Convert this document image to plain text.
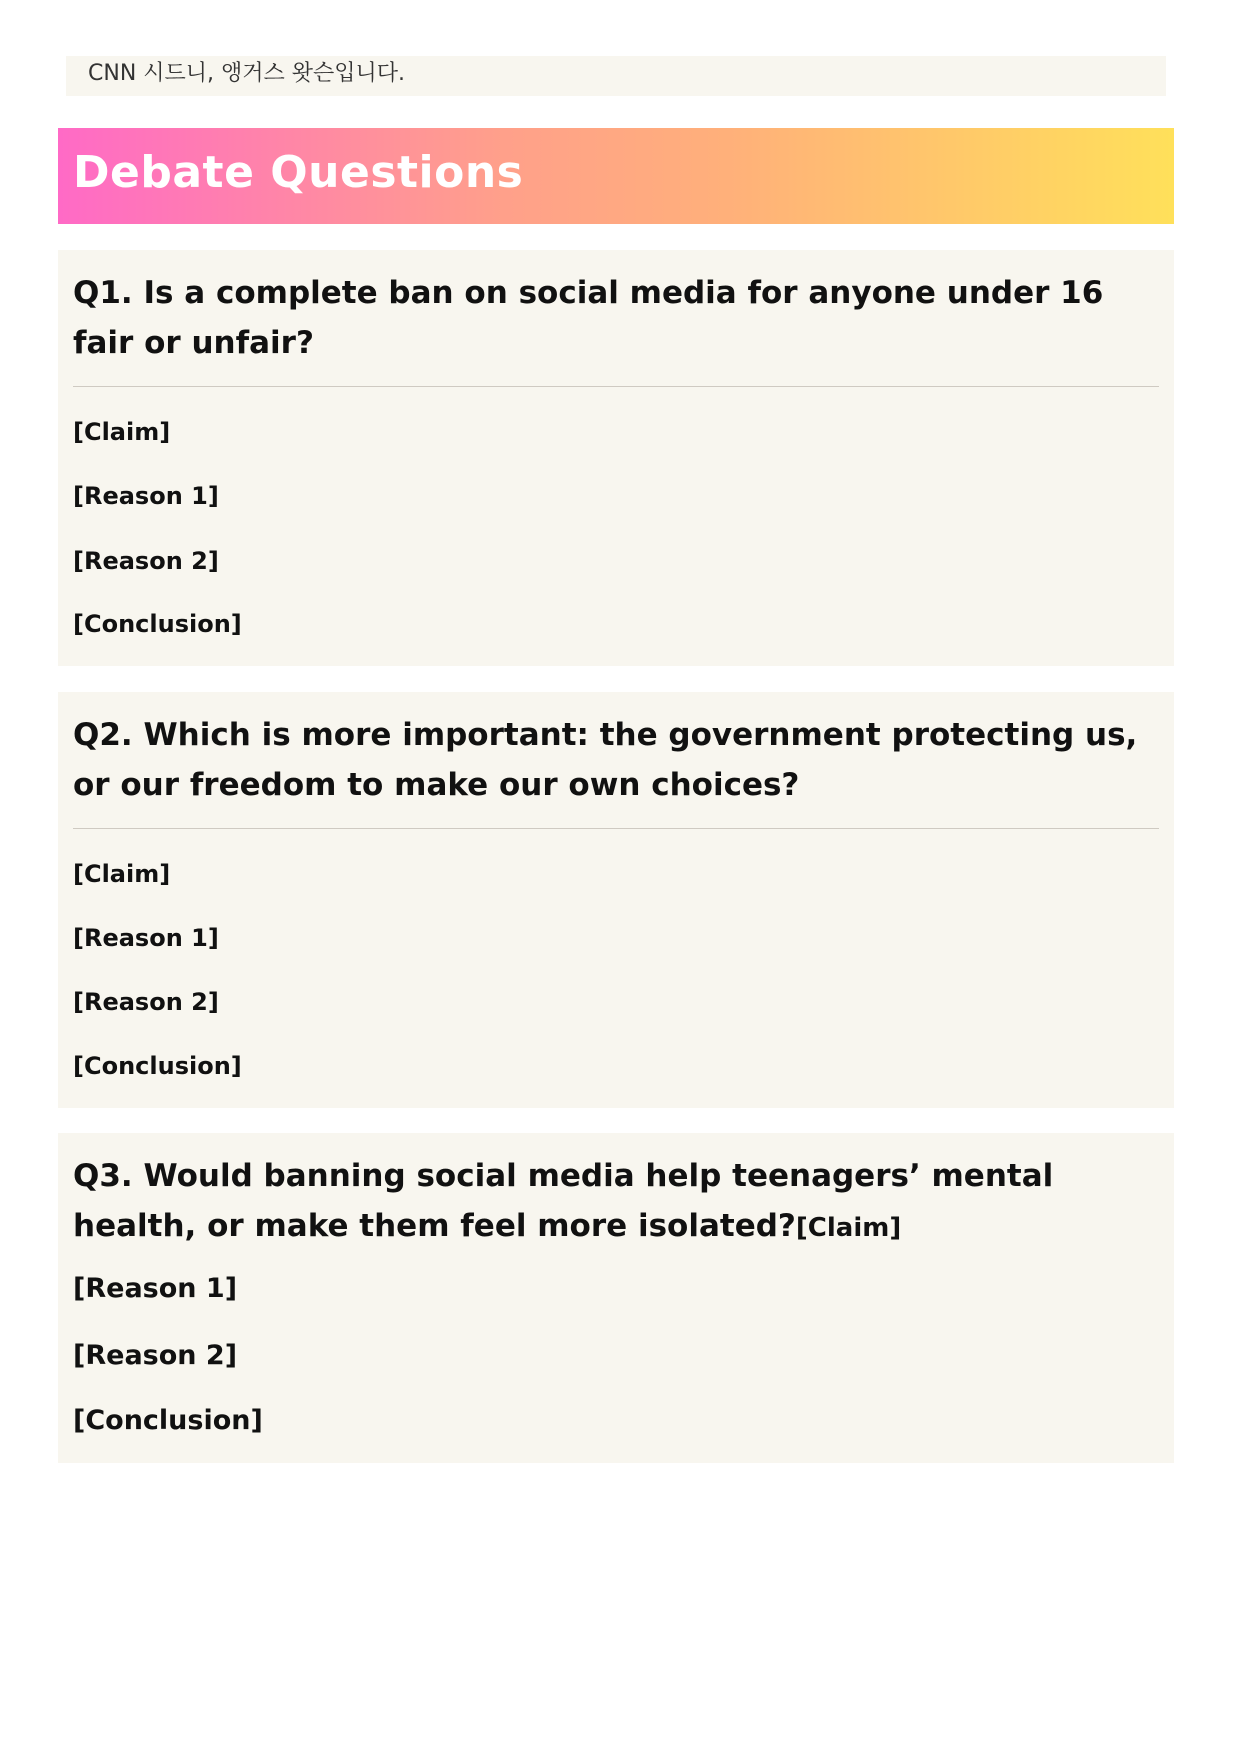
CNN 시드니, 앵거스 왓슨입니다.
Debate Questions

Q1. Is a complete ban on social media for anyone under 16 fair or unfair?

[Claim]
[Reason 1]
[Reason 2]
[Conclusion]

Q2. Which is more important: the government protecting us, or our freedom to make our own choices?

[Claim]
[Reason 1]
[Reason 2]
[Conclusion]

Q3. Would banning social media help teenagers’ mental health, or make them feel more isolated?[Claim]

[Reason 1]
[Reason 2]
[Conclusion]
